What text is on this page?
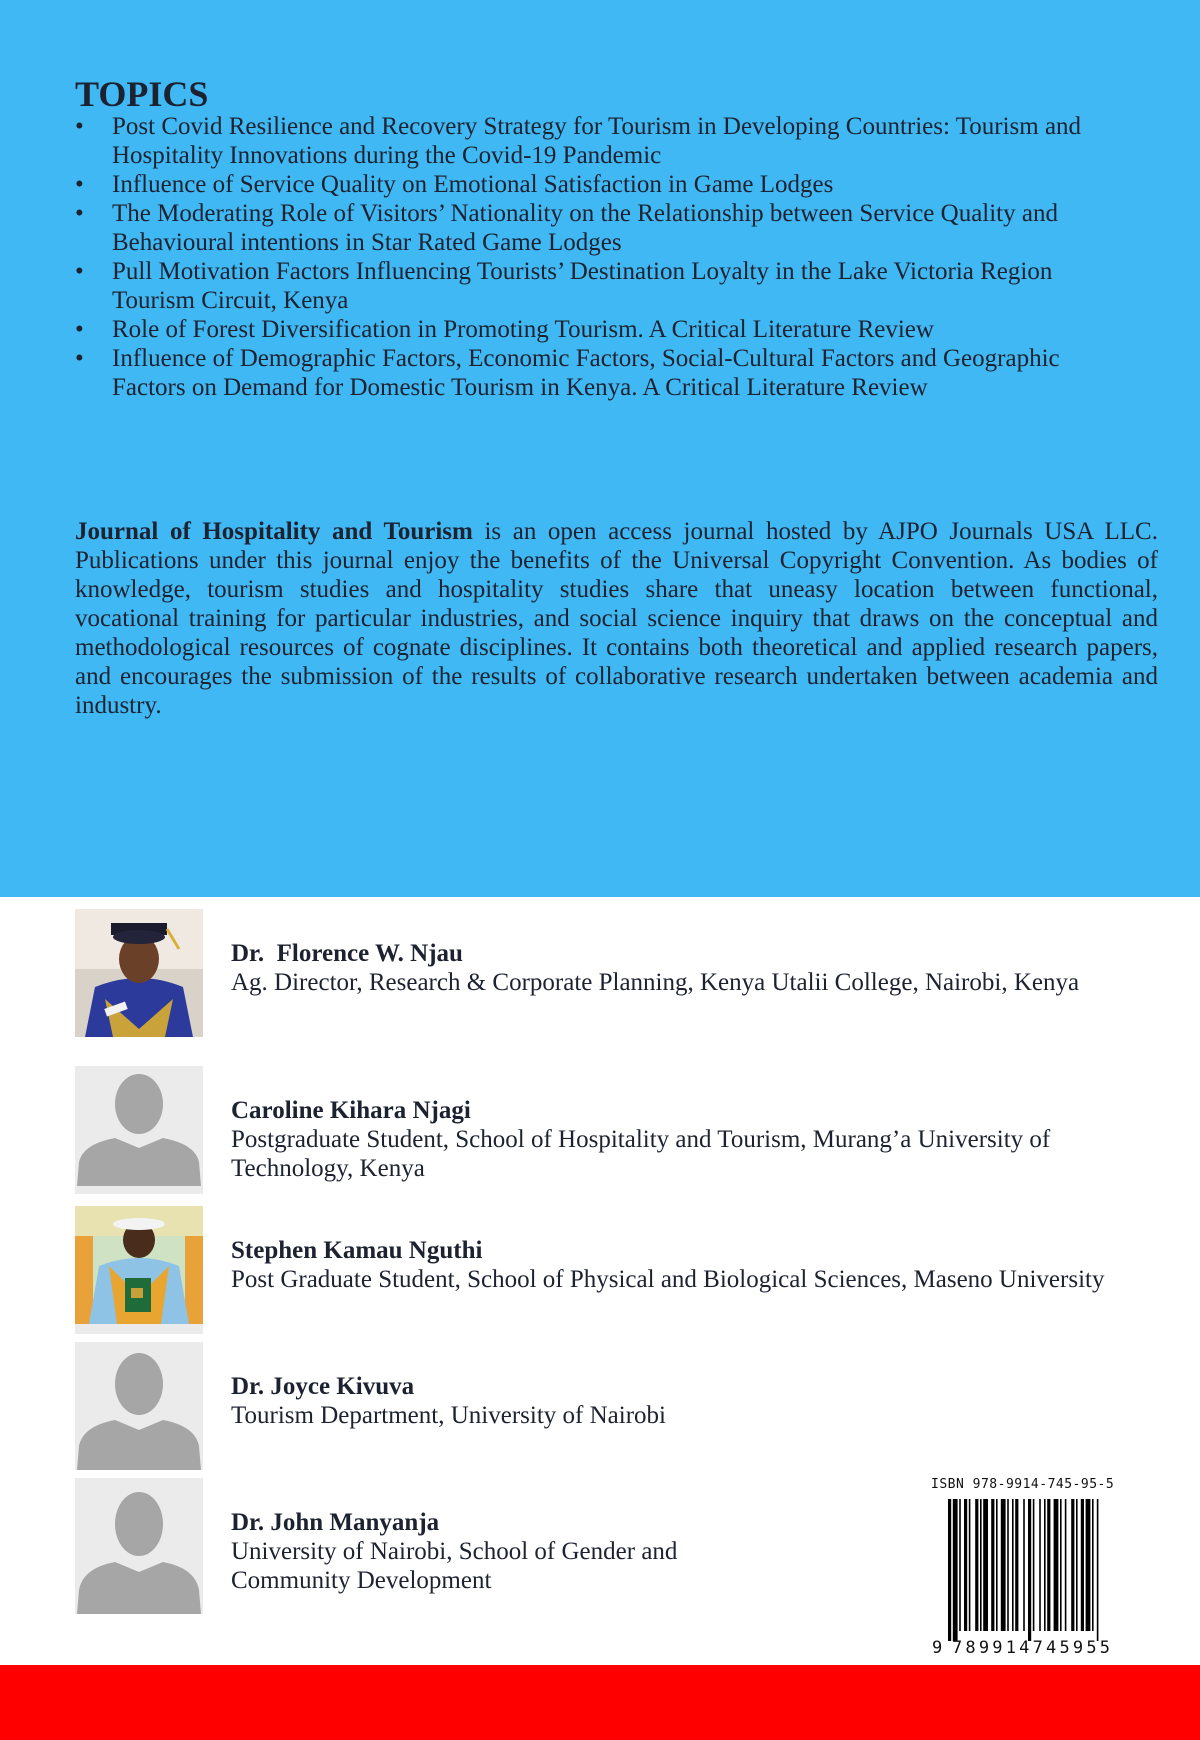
TOPICS
•	Post Covid Resilience and Recovery Strategy for Tourism in Developing Countries: Tourism and Hospitality Innovations during the Covid-19 Pandemic
•	Influence of Service Quality on Emotional Satisfaction in Game Lodges
•	The Moderating Role of Visitors’ Nationality on the Relationship between Service Quality and Behavioural intentions in Star Rated Game Lodges
•	Pull Motivation Factors Influencing Tourists’ Destination Loyalty in the Lake Victoria Region Tourism Circuit, Kenya
•	Role of Forest Diversification in Promoting Tourism. A Critical Literature Review
•	Influence of Demographic Factors, Economic Factors, Social-Cultural Factors and Geographic Factors on Demand for Domestic Tourism in Kenya. A Critical Literature Review

Journal of Hospitality and Tourism is an open access journal hosted by AJPO Journals USA LLC. Publications under this journal enjoy the benefits of the Universal Copyright Convention. As bodies of knowledge, tourism studies and hospitality studies share that uneasy location between functional, vocational training for particular industries, and social science inquiry that draws on the conceptual and methodological resources of cognate disciplines. It contains both theoretical and applied research papers, and encourages the submission of the results of collaborative research undertaken between academia and industry.

Dr.  Florence W. Njau
Ag. Director, Research & Corporate Planning, Kenya Utalii College, Nairobi, Kenya
Caroline Kihara Njagi
Postgraduate Student, School of Hospitality and Tourism, Murang’a University of Technology, Kenya
Stephen Kamau Nguthi
Post Graduate Student, School of Physical and Biological Sciences, Maseno University
Dr. Joyce Kivuva
Tourism Department, University of Nairobi
Dr. John Manyanja
University of Nairobi, School of Gender and Community Development
ISBN 978-9914-745-95-5
9 789914745955
